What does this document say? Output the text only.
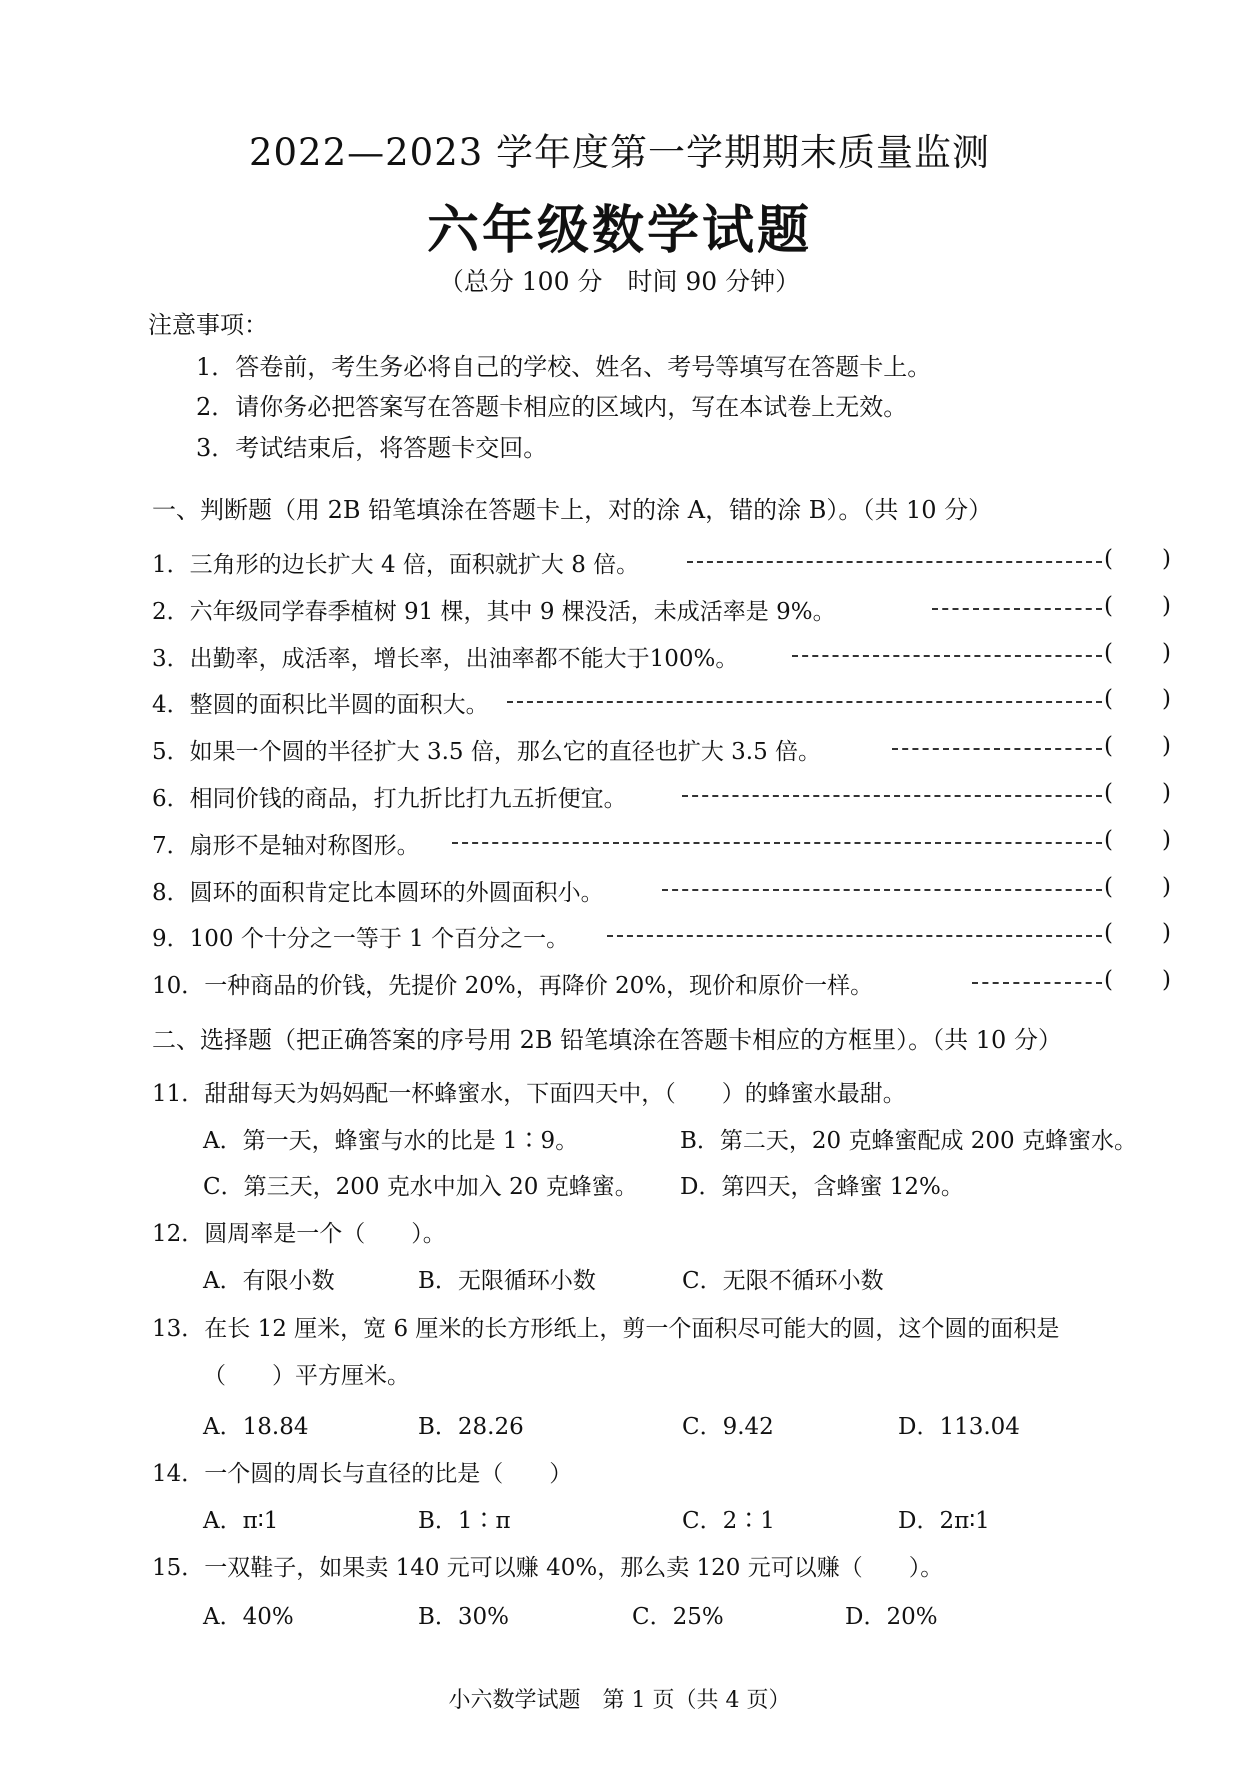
2022—2023 学年度第一学期期末质量监测
六年级数学试题
（总分 100 分　时间 90 分钟）
注意事项：
1．答卷前，考生务必将自己的学校、姓名、考号等填写在答题卡上。
2．请你务必把答案写在答题卡相应的区域内，写在本试卷上无效。
3．考试结束后，将答题卡交回。
一、判断题（用 2B 铅笔填涂在答题卡上，对的涂 A，错的涂 B）。（共 10 分）
1．三角形的边长扩大 4 倍，面积就扩大 8 倍。	( )
2．六年级同学春季植树 91 棵，其中 9 棵没活，未成活率是 9%。	( )
3．出勤率，成活率，增长率，出油率都不能大于100%。	( )
4．整圆的面积比半圆的面积大。	( )
5．如果一个圆的半径扩大 3.5 倍，那么它的直径也扩大 3.5 倍。	( )
6．相同价钱的商品，打九折比打九五折便宜。	( )
7．扇形不是轴对称图形。	( )
8．圆环的面积肯定比本圆环的外圆面积小。	( )
9．100 个十分之一等于 1 个百分之一。	( )
10．一种商品的价钱，先提价 20%，再降价 20%，现价和原价一样。	( )
二、选择题（把正确答案的序号用 2B 铅笔填涂在答题卡相应的方框里）。（共 10 分）
11．甜甜每天为妈妈配一杯蜂蜜水，下面四天中，（　　）的蜂蜜水最甜。
A．第一天，蜂蜜与水的比是 1∶9。	B．第二天，20 克蜂蜜配成 200 克蜂蜜水。
C．第三天，200 克水中加入 20 克蜂蜜。 D．第四天，含蜂蜜 12%。
12．圆周率是一个（　　）。
A．有限小数	B．无限循环小数	C．无限不循环小数
13．在长 12 厘米，宽 6 厘米的长方形纸上，剪一个面积尽可能大的圆，这个圆的面积是
（　　）平方厘米。
A．18.84	B．28.26	C．9.42	D．113.04
14．一个圆的周长与直径的比是（　　）
A．π∶1	B．1∶π	C．2∶1	D．2π∶1
15．一双鞋子，如果卖 140 元可以赚 40%，那么卖 120 元可以赚（　　）。
A．40%	B．30%	C．25%	D．20%
小六数学试题　第 1 页（共 4 页）
